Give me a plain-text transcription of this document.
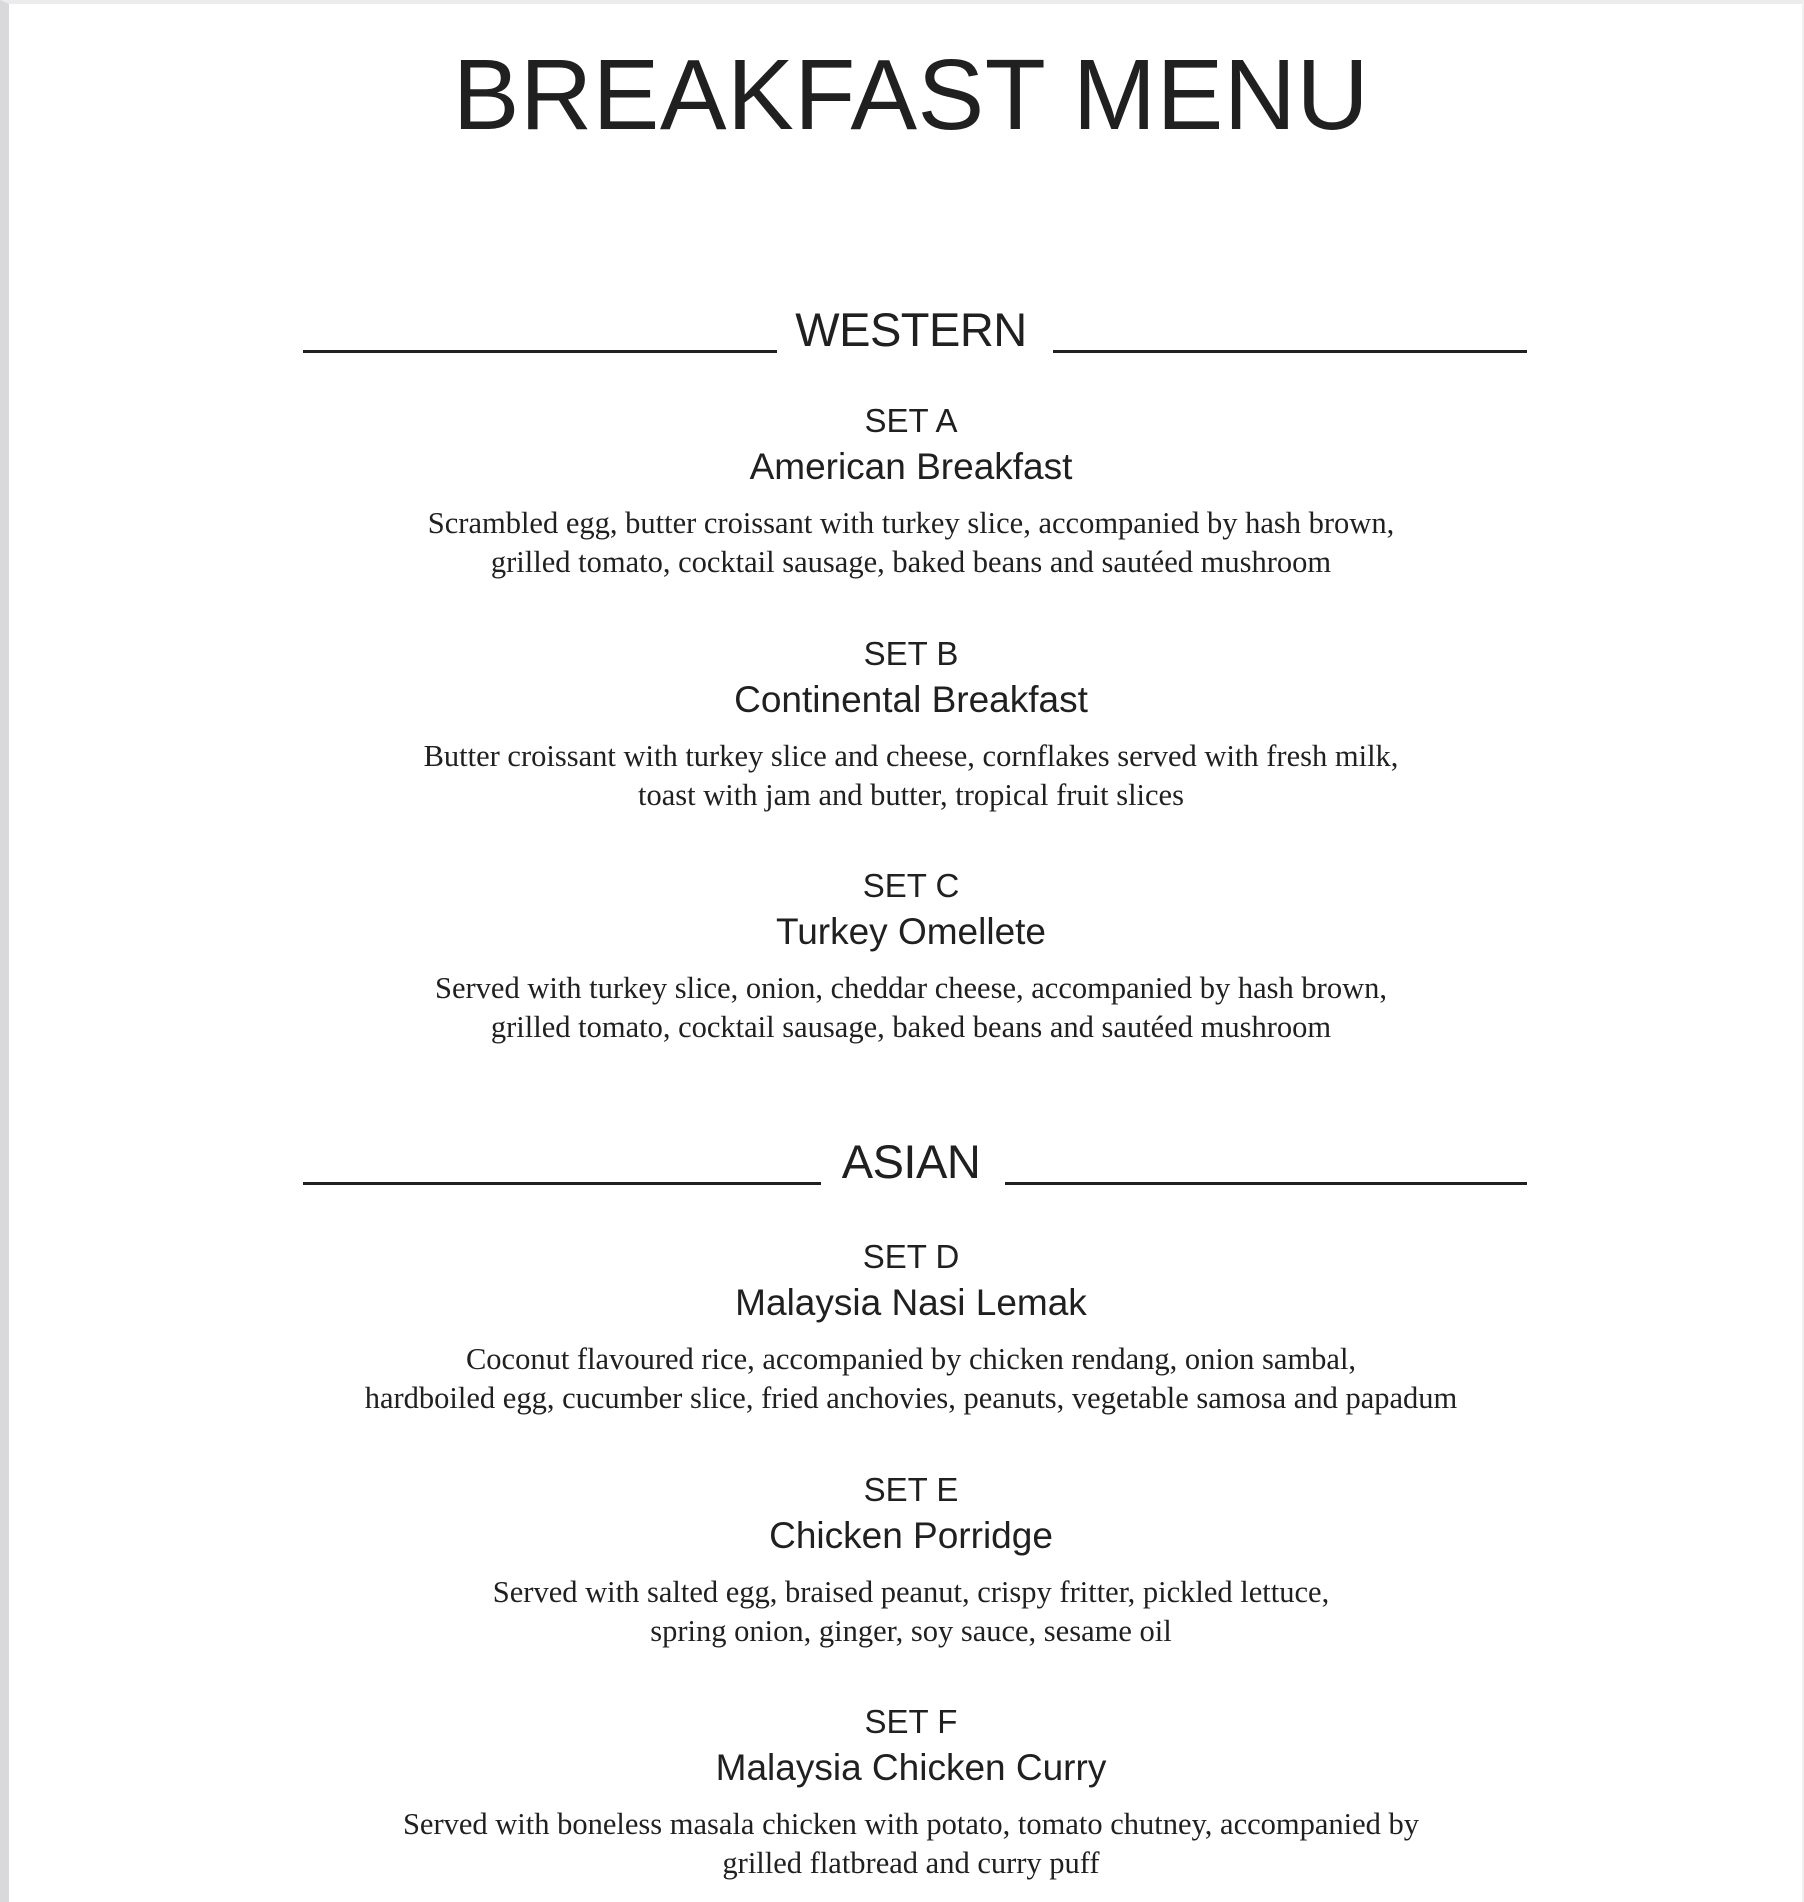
BREAKFAST MENU
WESTERN
SET A
American Breakfast
Scrambled egg, butter croissant with turkey slice, accompanied by hash brown,
grilled tomato, cocktail sausage, baked beans and sautéed mushroom
SET B
Continental Breakfast
Butter croissant with turkey slice and cheese, cornflakes served with fresh milk,
toast with jam and butter, tropical fruit slices
SET C
Turkey Omellete
Served with turkey slice, onion, cheddar cheese, accompanied by hash brown,
grilled tomato, cocktail sausage, baked beans and sautéed mushroom
ASIAN
SET D
Malaysia Nasi Lemak
Coconut flavoured rice, accompanied by chicken rendang, onion sambal,
hardboiled egg, cucumber slice, fried anchovies, peanuts, vegetable samosa and papadum
SET E
Chicken Porridge
Served with salted egg, braised peanut, crispy fritter, pickled lettuce,
spring onion, ginger, soy sauce, sesame oil
SET F
Malaysia Chicken Curry
Served with boneless masala chicken with potato, tomato chutney, accompanied by
grilled flatbread and curry puff
